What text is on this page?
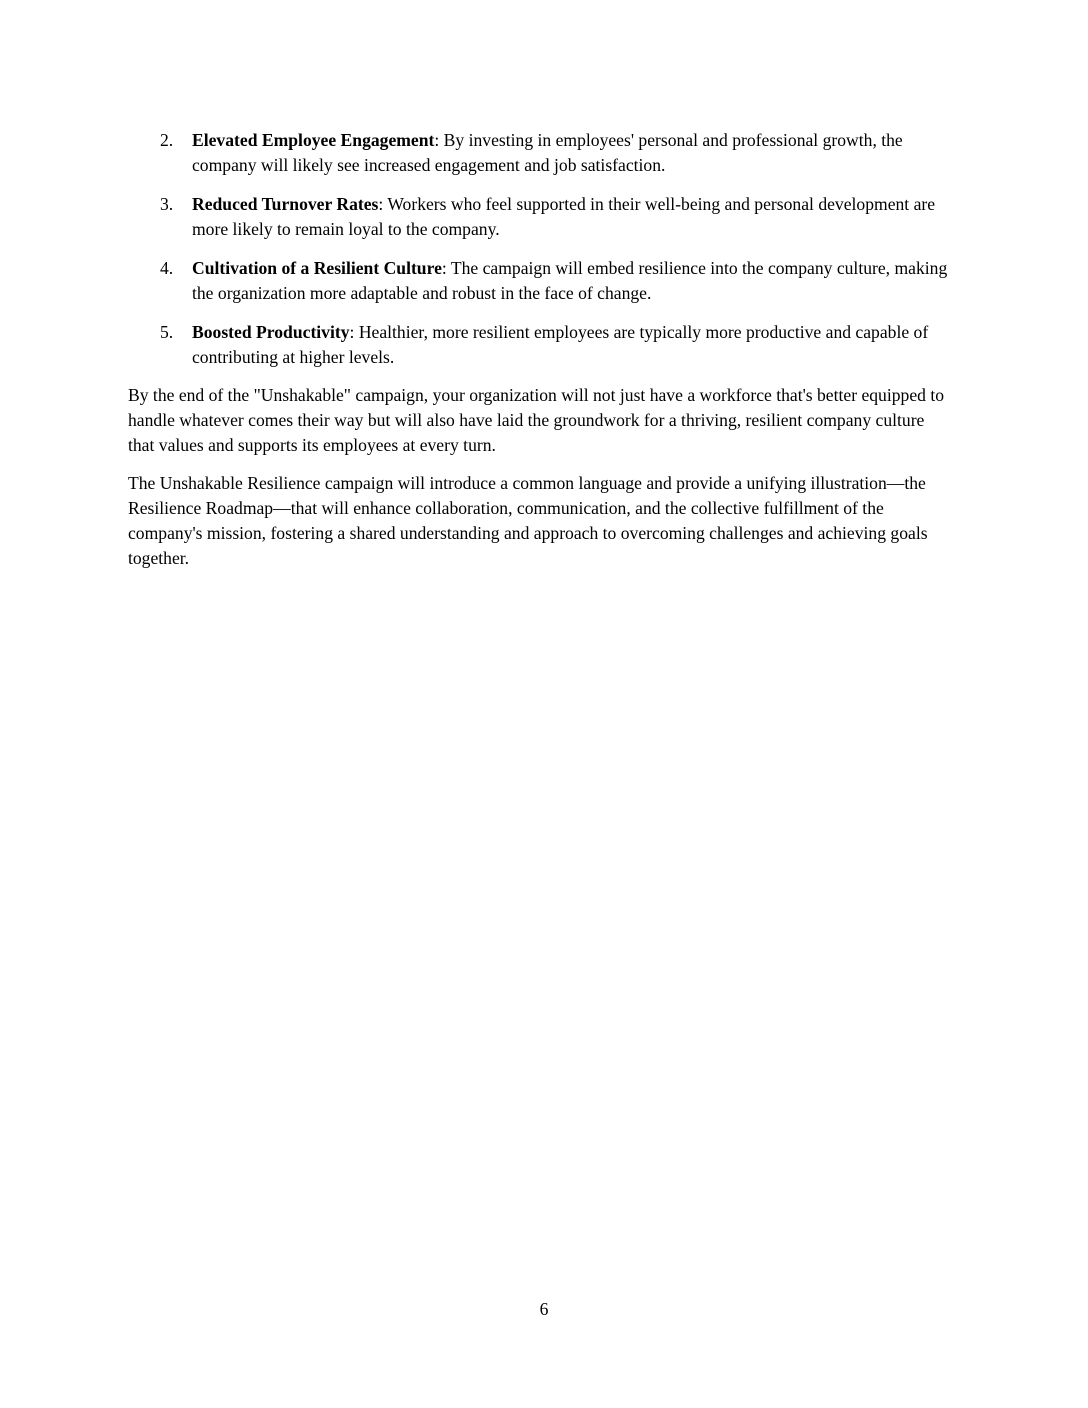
2. Elevated Employee Engagement: By investing in employees' personal and professional growth, the company will likely see increased engagement and job satisfaction.
3. Reduced Turnover Rates: Workers who feel supported in their well-being and personal development are more likely to remain loyal to the company.
4. Cultivation of a Resilient Culture: The campaign will embed resilience into the company culture, making the organization more adaptable and robust in the face of change.
5. Boosted Productivity: Healthier, more resilient employees are typically more productive and capable of contributing at higher levels.

By the end of the "Unshakable" campaign, your organization will not just have a workforce that's better equipped to handle whatever comes their way but will also have laid the groundwork for a thriving, resilient company culture that values and supports its employees at every turn.

The Unshakable Resilience campaign will introduce a common language and provide a unifying illustration—the Resilience Roadmap—that will enhance collaboration, communication, and the collective fulfillment of the company's mission, fostering a shared understanding and approach to overcoming challenges and achieving goals together.

6
